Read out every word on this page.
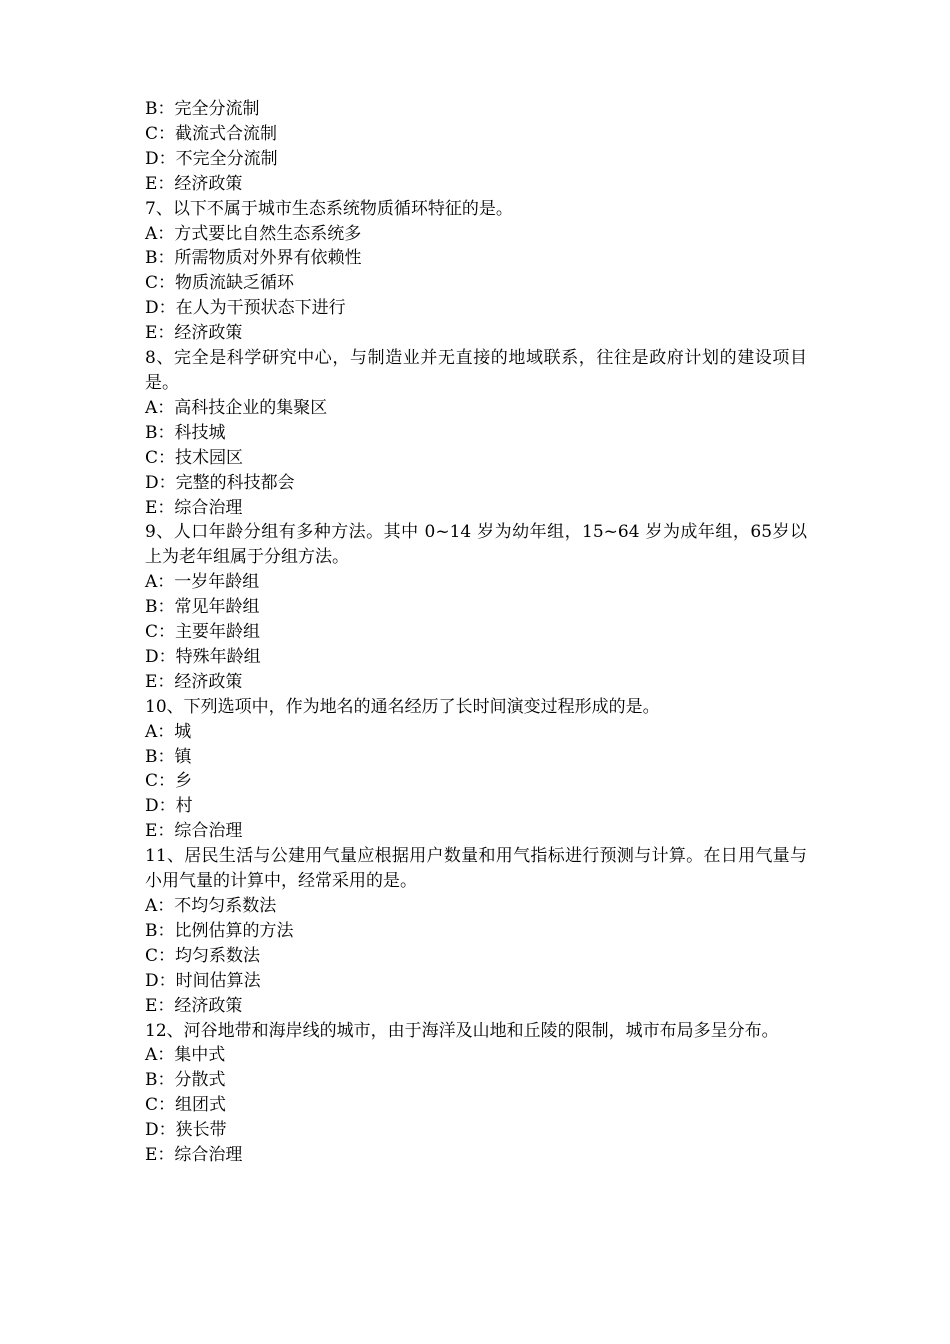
B：完全分流制
C：截流式合流制
D：不完全分流制
E：经济政策
7、以下不属于城市生态系统物质循环特征的是。
A：方式要比自然生态系统多
B：所需物质对外界有依赖性
C：物质流缺乏循环
D：在人为干预状态下进行
E：经济政策
8、完全是科学研究中心，与制造业并无直接的地域联系，往往是政府计划的建设项目是。
A：高科技企业的集聚区
B：科技城
C：技术园区
D：完整的科技都会
E：综合治理
9、人口年龄分组有多种方法。其中 0~14 岁为幼年组，15~64 岁为成年组，65岁以上为老年组属于分组方法。
A：一岁年龄组
B：常见年龄组
C：主要年龄组
D：特殊年龄组
E：经济政策
10、下列选项中，作为地名的通名经历了长时间演变过程形成的是。
A：城
B：镇
C：乡
D：村
E：综合治理
11、居民生活与公建用气量应根据用户数量和用气指标进行预测与计算。在日用气量与小用气量的计算中，经常采用的是。
A：不均匀系数法
B：比例估算的方法
C：均匀系数法
D：时间估算法
E：经济政策
12、河谷地带和海岸线的城市，由于海洋及山地和丘陵的限制，城市布局多呈分布。
A：集中式
B：分散式
C：组团式
D：狭长带
E：综合治理
